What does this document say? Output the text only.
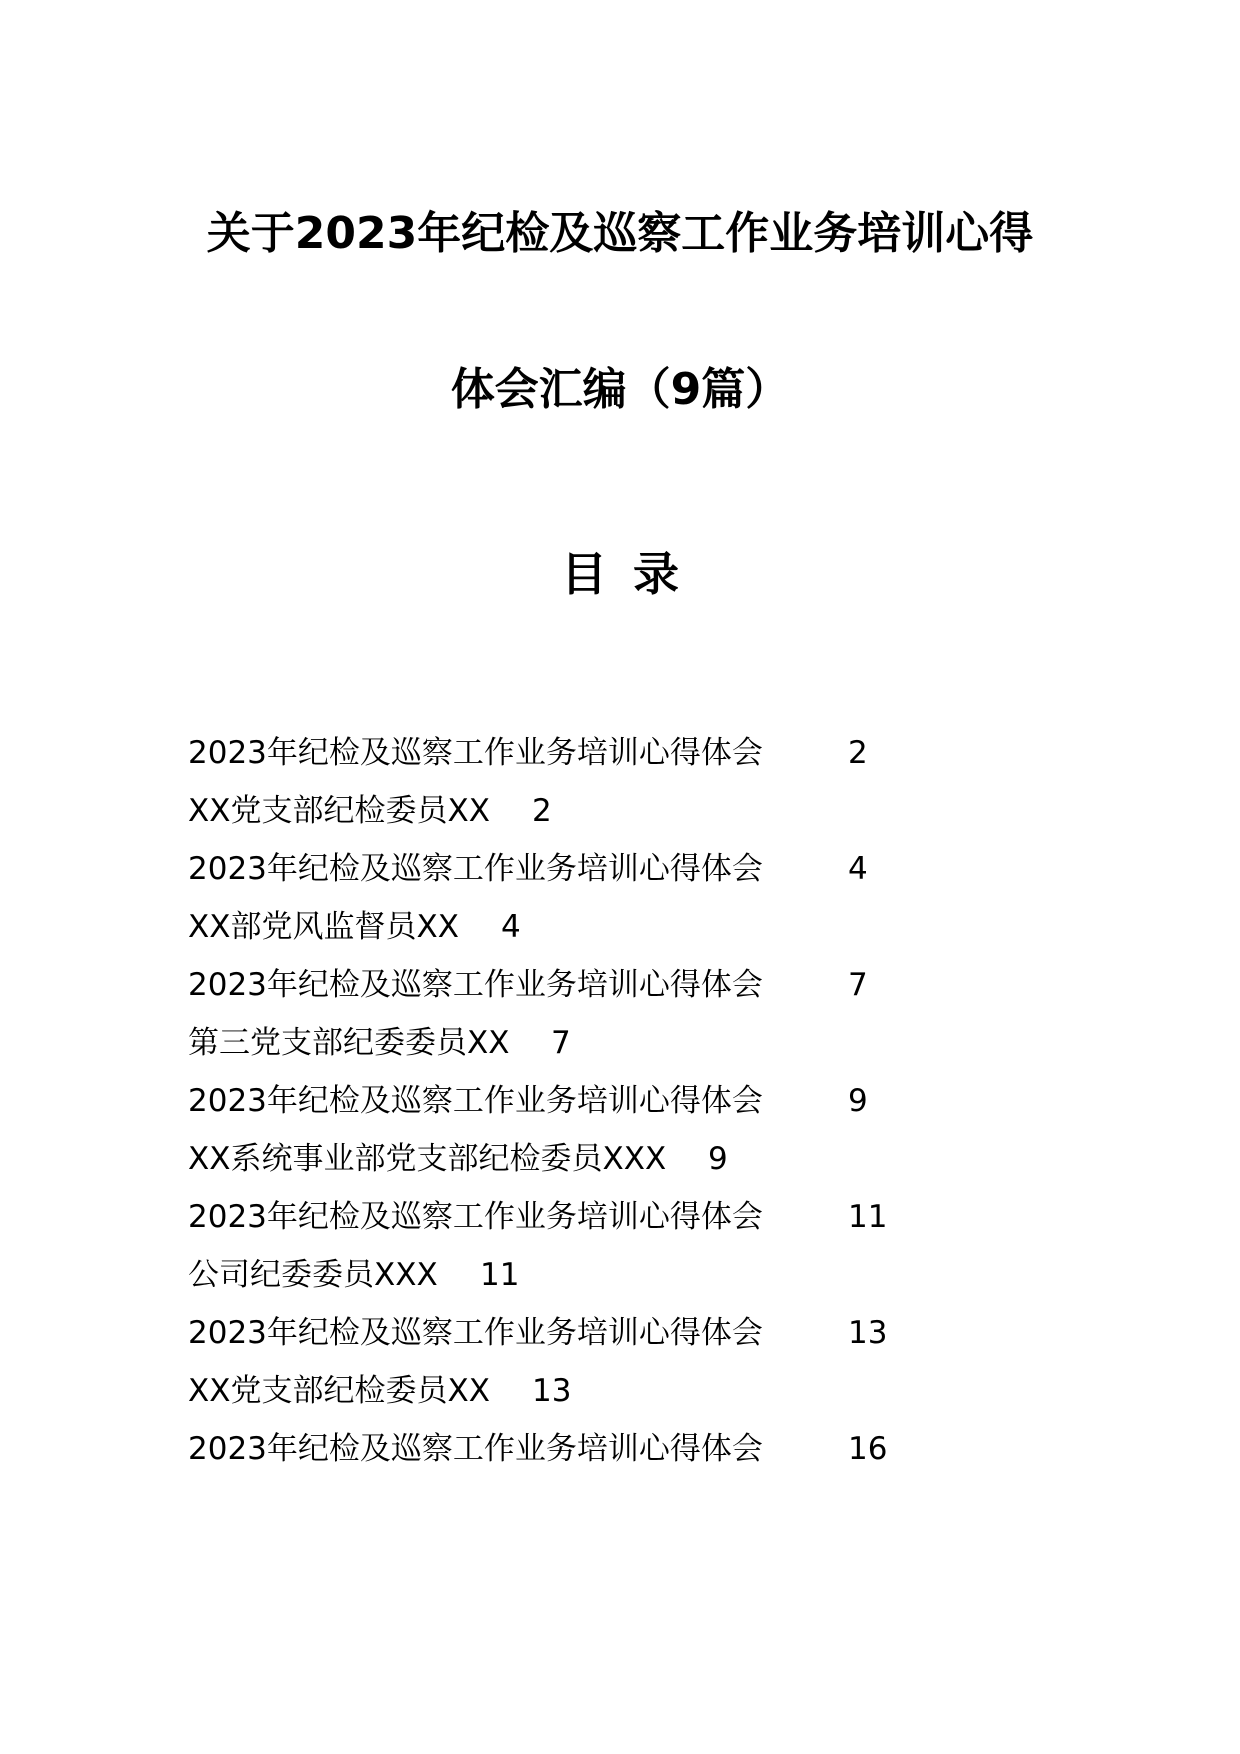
关于2023年纪检及巡察工作业务培训心得
体会汇编（9篇）
目录
2023年纪检及巡察工作业务培训心得体会	2
XX党支部纪检委员XX 2
2023年纪检及巡察工作业务培训心得体会	4
XX部党风监督员XX 4
2023年纪检及巡察工作业务培训心得体会	7
第三党支部纪委委员XX 7
2023年纪检及巡察工作业务培训心得体会	9
XX系统事业部党支部纪检委员XXX 9
2023年纪检及巡察工作业务培训心得体会	11
公司纪委委员XXX 11
2023年纪检及巡察工作业务培训心得体会	13
XX党支部纪检委员XX 13
2023年纪检及巡察工作业务培训心得体会	16
